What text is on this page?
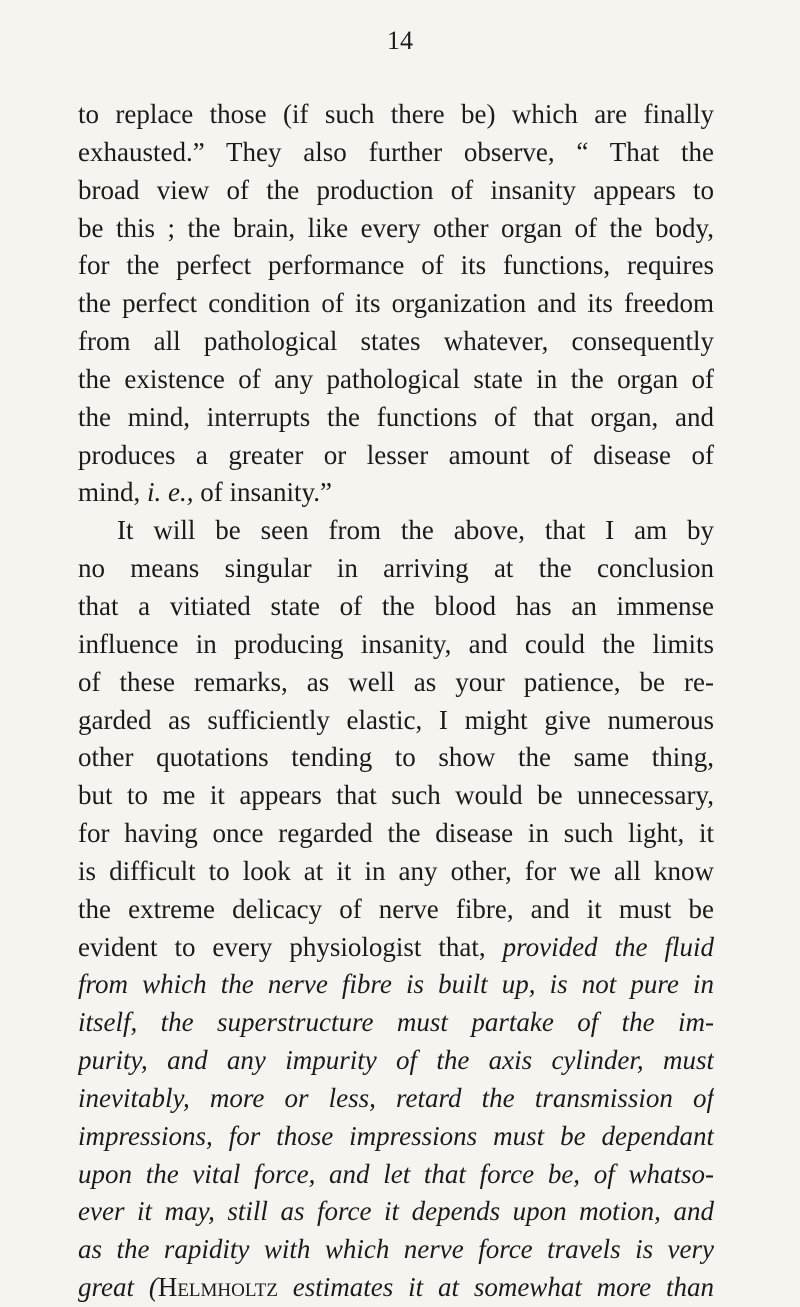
14
to replace those (if such there be) which are finally
exhausted.” They also further observe, “ That the
broad view of the production of insanity appears to
be this ; the brain, like every other organ of the body,
for the perfect performance of its functions, requires
the perfect condition of its organization and its freedom
from all pathological states whatever, consequently
the existence of any pathological state in the organ of
the mind, interrupts the functions of that organ, and
produces a greater or lesser amount of disease of
mind, i. e., of insanity.”
It will be seen from the above, that I am by
no means singular in arriving at the conclusion
that a vitiated state of the blood has an immense
influence in producing insanity, and could the limits
of these remarks, as well as your patience, be re-
garded as sufficiently elastic, I might give numerous
other quotations tending to show the same thing,
but to me it appears that such would be unnecessary,
for having once regarded the disease in such light, it
is difficult to look at it in any other, for we all know
the extreme delicacy of nerve fibre, and it must be
evident to every physiologist that, provided the fluid
from which the nerve fibre is built up, is not pure in
itself, the superstructure must partake of the im-
purity, and any impurity of the axis cylinder, must
inevitably, more or less, retard the transmission of
impressions, for those impressions must be dependant
upon the vital force, and let that force be, of whatso-
ever it may, still as force it depends upon motion, and
as the rapidity with which nerve force travels is very
great (Helmholtz estimates it at somewhat more than
